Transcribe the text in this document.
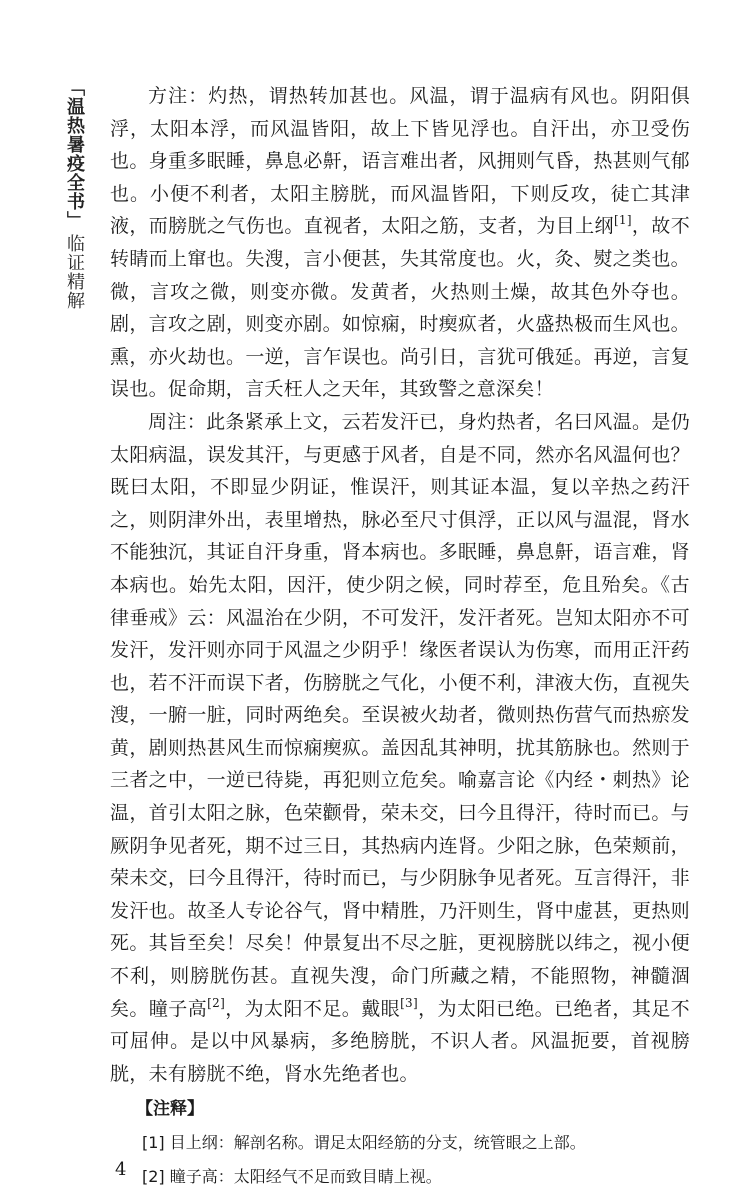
「温热暑疫全书」临证精解

方注：灼热，谓热转加甚也。风温，谓于温病有风也。阴阳俱浮，太阳本浮，而风温皆阳，故上下皆见浮也。自汗出，亦卫受伤也。身重多眠睡，鼻息必鼾，语言难出者，风拥则气昏，热甚则气郁也。小便不利者，太阳主膀胱，而风温皆阳，下则反攻，徒亡其津液，而膀胱之气伤也。直视者，太阳之筋，支者，为目上纲[1]，故不转睛而上窜也。失溲，言小便甚，失其常度也。火，灸、熨之类也。微，言攻之微，则变亦微。发黄者，火热则土燥，故其色外夺也。剧，言攻之剧，则变亦剧。如惊痫，时瘈疭者，火盛热极而生风也。熏，亦火劫也。一逆，言乍误也。尚引日，言犹可俄延。再逆，言复误也。促命期，言夭枉人之天年，其致警之意深矣！

周注：此条紧承上文，云若发汗已，身灼热者，名曰风温。是仍太阳病温，误发其汗，与更感于风者，自是不同，然亦名风温何也？既曰太阳，不即显少阴证，惟误汗，则其证本温，复以辛热之药汗之，则阴津外出，表里增热，脉必至尺寸俱浮，正以风与温混，肾水不能独沉，其证自汗身重，肾本病也。多眠睡，鼻息鼾，语言难，肾本病也。始先太阳，因汗，使少阴之候，同时荐至，危且殆矣。《古律垂戒》云：风温治在少阴，不可发汗，发汗者死。岂知太阳亦不可发汗，发汗则亦同于风温之少阴乎！缘医者误认为伤寒，而用正汗药也，若不汗而误下者，伤膀胱之气化，小便不利，津液大伤，直视失溲，一腑一脏，同时两绝矣。至误被火劫者，微则热伤营气而热瘀发黄，剧则热甚风生而惊痫瘈疭。盖因乱其神明，扰其筋脉也。然则于三者之中，一逆已待毙，再犯则立危矣。喻嘉言论《内经・刺热》论温，首引太阳之脉，色荣颧骨，荣未交，曰今且得汗，待时而已。与厥阴争见者死，期不过三日，其热病内连肾。少阳之脉，色荣颊前，荣未交，曰今且得汗，待时而已，与少阴脉争见者死。互言得汗，非发汗也。故圣人专论谷气，肾中精胜，乃汗则生，肾中虚甚，更热则死。其旨至矣！尽矣！仲景复出不尽之脏，更视膀胱以纬之，视小便不利，则膀胱伤甚。直视失溲，命门所藏之精，不能照物，神髓涸矣。瞳子高[2]，为太阳不足。戴眼[3]，为太阳已绝。已绝者，其足不可屈伸。是以中风暴病，多绝膀胱，不识人者。风温扼要，首视膀胱，未有膀胱不绝，肾水先绝者也。

【注释】

[1] 目上纲：解剖名称。谓足太阳经筋的分支，统管眼之上部。

[2] 瞳子高：太阳经气不足而致目睛上视。

4
